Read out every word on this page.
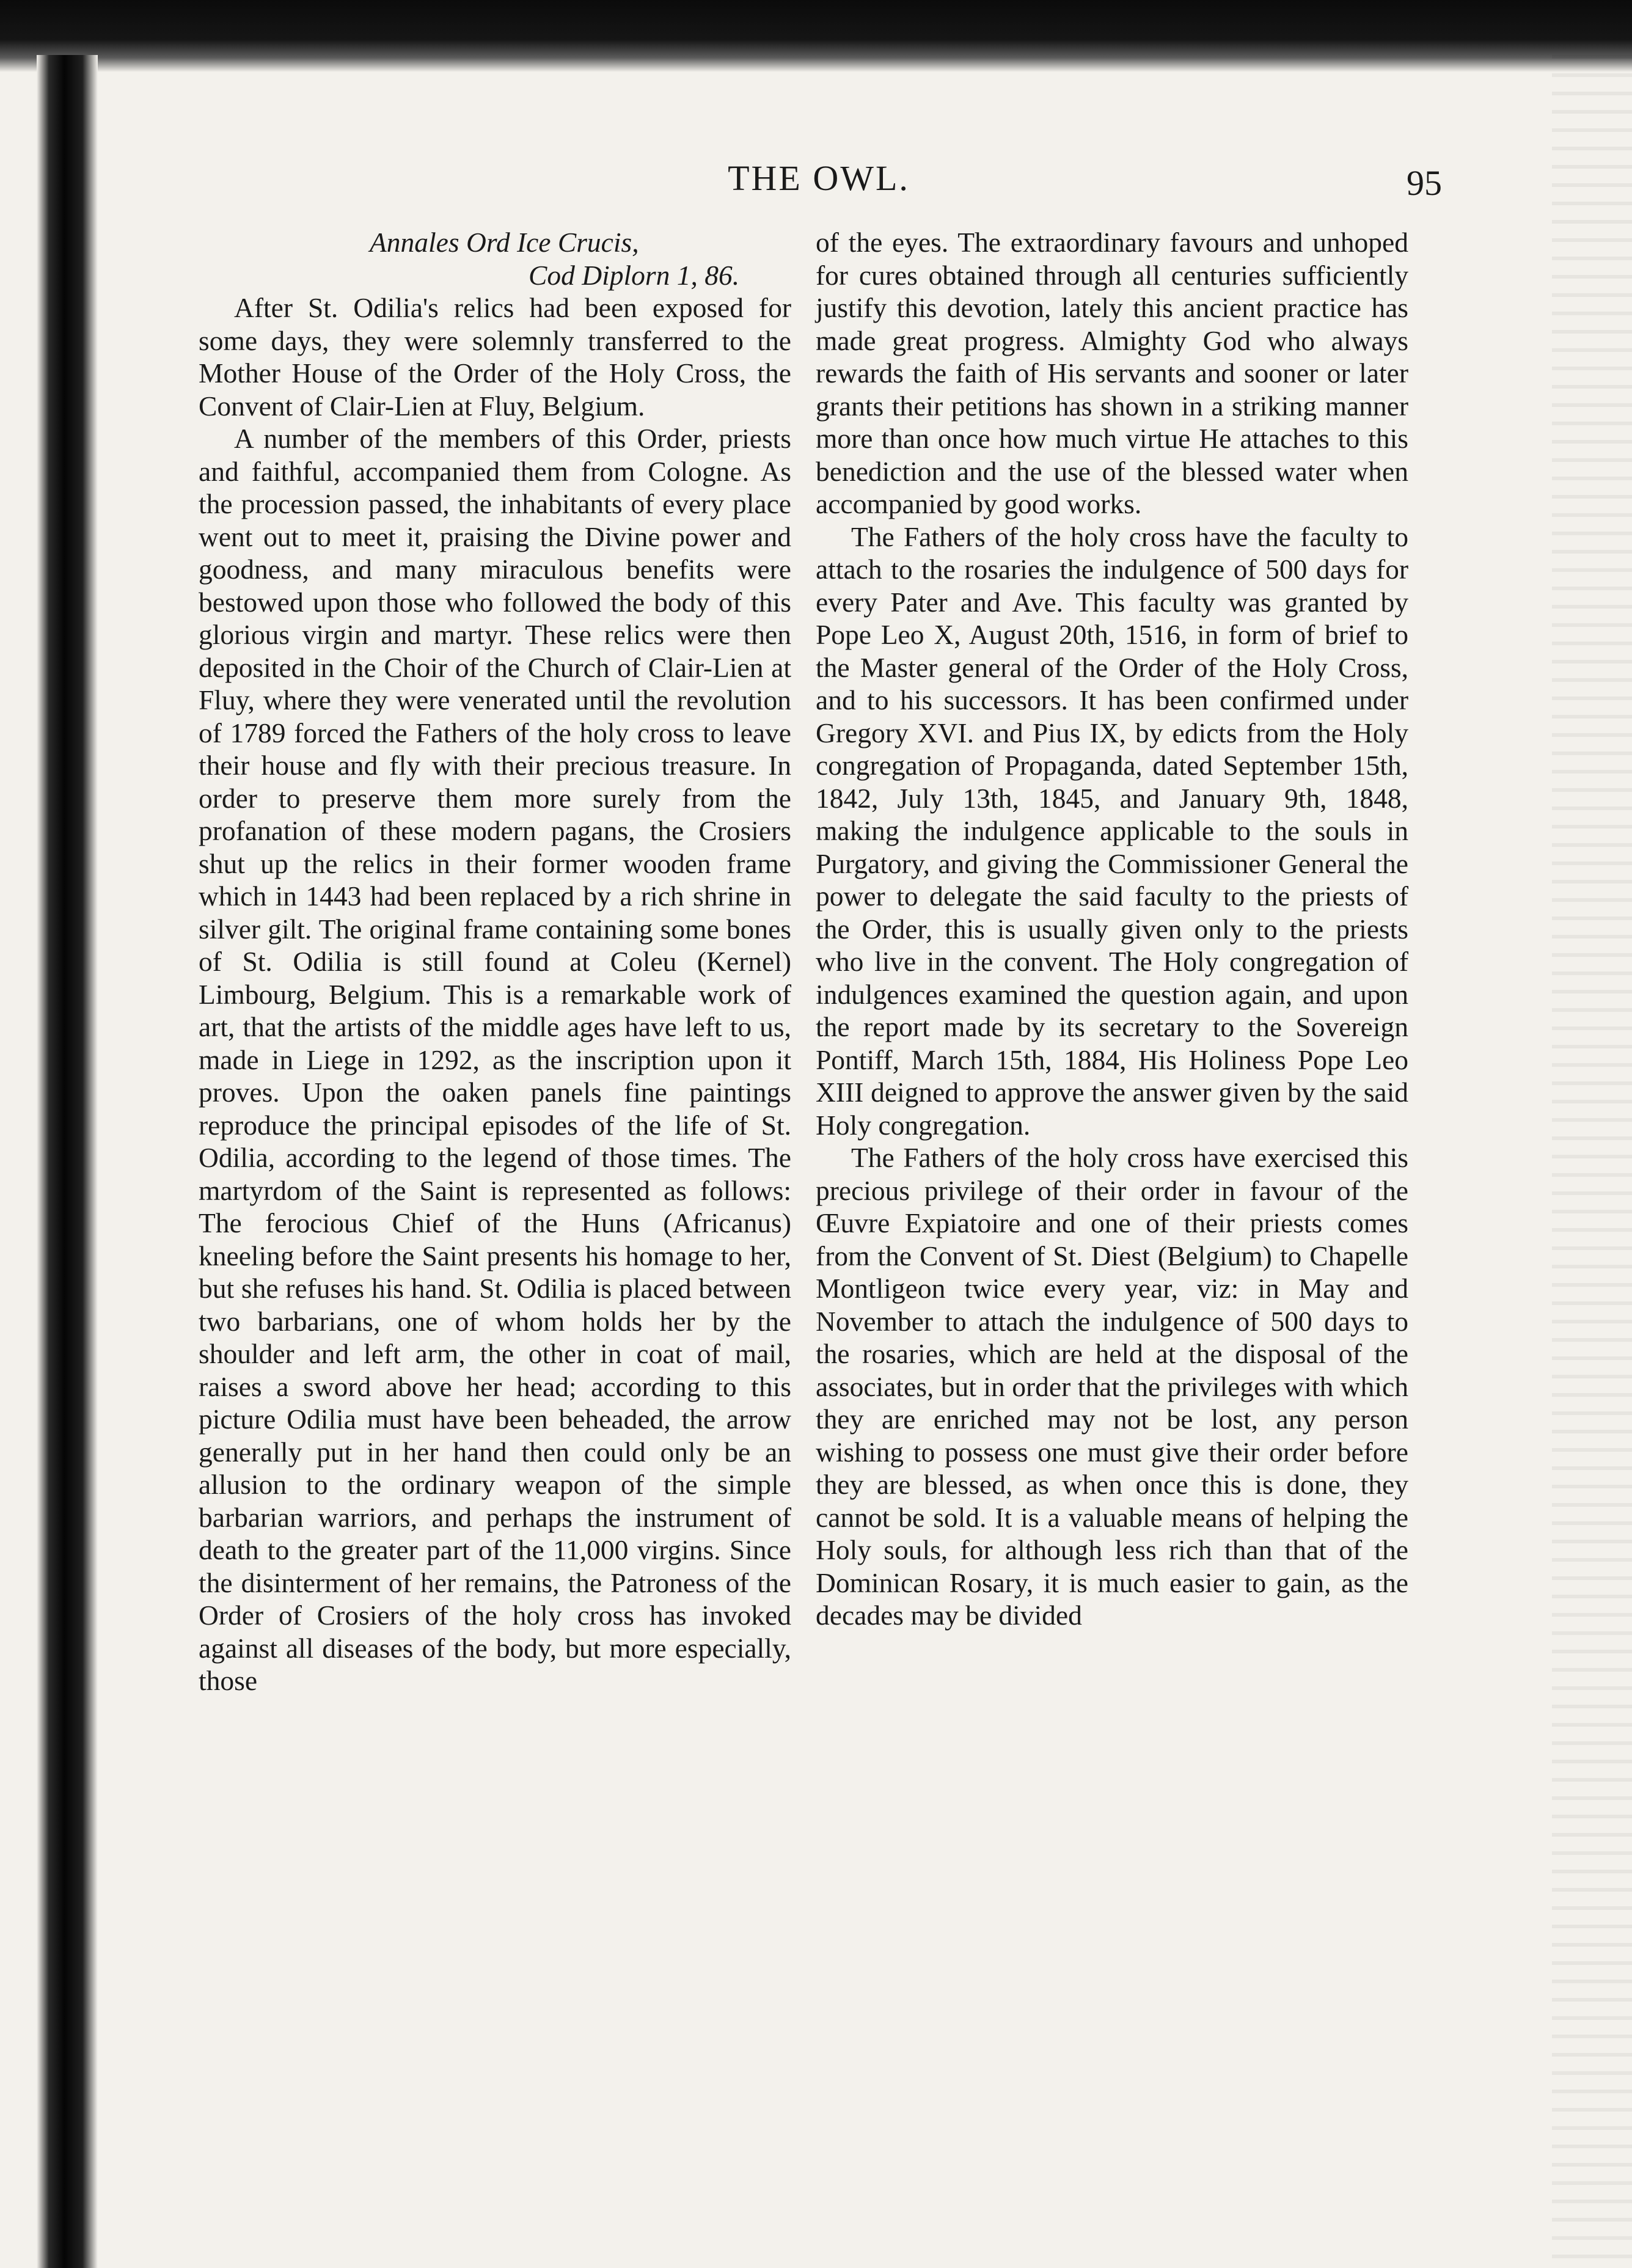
THE OWL.	95
Annales Ord Ice Crucis,
Cod Diplorn 1, 86.

After St. Odilia's relics had been exposed for some days, they were solemnly transferred to the Mother House of the Order of the Holy Cross, the Convent of Clair-Lien at Fluy, Belgium.

A number of the members of this Order, priests and faithful, accompanied them from Cologne. As the procession passed, the inhabitants of every place went out to meet it, praising the Divine power and goodness, and many miraculous benefits were bestowed upon those who followed the body of this glorious virgin and martyr. These relics were then deposited in the Choir of the Church of Clair-Lien at Fluy, where they were venerated until the revolution of 1789 forced the Fathers of the holy cross to leave their house and fly with their precious treasure. In order to preserve them more surely from the profanation of these modern pagans, the Crosiers shut up the relics in their former wooden frame which in 1443 had been replaced by a rich shrine in silver gilt. The original frame containing some bones of St. Odilia is still found at Coleu (Kernel) Limbourg, Belgium. This is a remarkable work of art, that the artists of the middle ages have left to us, made in Liege in 1292, as the inscription upon it proves. Upon the oaken panels fine paintings reproduce the principal episodes of the life of St. Odilia, according to the legend of those times. The martyrdom of the Saint is represented as follows: The ferocious Chief of the Huns (Africanus) kneeling before the Saint presents his homage to her, but she refuses his hand. St. Odilia is placed between two barbarians, one of whom holds her by the shoulder and left arm, the other in coat of mail, raises a sword above her head; according to this picture Odilia must have been beheaded, the arrow generally put in her hand then could only be an allusion to the ordinary weapon of the simple barbarian warriors, and perhaps the instrument of death to the greater part of the 11,000 virgins. Since the disinterment of her remains, the Patroness of the Order of Crosiers of the holy cross has invoked against all diseases of the body, but more especially, those

of the eyes. The extraordinary favours and unhoped for cures obtained through all centuries sufficiently justify this devotion, lately this ancient practice has made great progress. Almighty God who always rewards the faith of His servants and sooner or later grants their petitions has shown in a striking manner more than once how much virtue He attaches to this benediction and the use of the blessed water when accompanied by good works.

The Fathers of the holy cross have the faculty to attach to the rosaries the indulgence of 500 days for every Pater and Ave. This faculty was granted by Pope Leo X, August 20th, 1516, in form of brief to the Master general of the Order of the Holy Cross, and to his successors. It has been confirmed under Gregory XVI. and Pius IX, by edicts from the Holy congregation of Propaganda, dated September 15th, 1842, July 13th, 1845, and January 9th, 1848, making the indulgence applicable to the souls in Purgatory, and giving the Commissioner General the power to delegate the said faculty to the priests of the Order, this is usually given only to the priests who live in the convent. The Holy congregation of indulgences examined the question again, and upon the report made by its secretary to the Sovereign Pontiff, March 15th, 1884, His Holiness Pope Leo XIII deigned to approve the answer given by the said Holy congregation.

The Fathers of the holy cross have exercised this precious privilege of their order in favour of the Œuvre Expiatoire and one of their priests comes from the Convent of St. Diest (Belgium) to Chapelle Montligeon twice every year, viz: in May and November to attach the indulgence of 500 days to the rosaries, which are held at the disposal of the associates, but in order that the privileges with which they are enriched may not be lost, any person wishing to possess one must give their order before they are blessed, as when once this is done, they cannot be sold. It is a valuable means of helping the Holy souls, for although less rich than that of the Dominican Rosary, it is much easier to gain, as the decades may be divided
